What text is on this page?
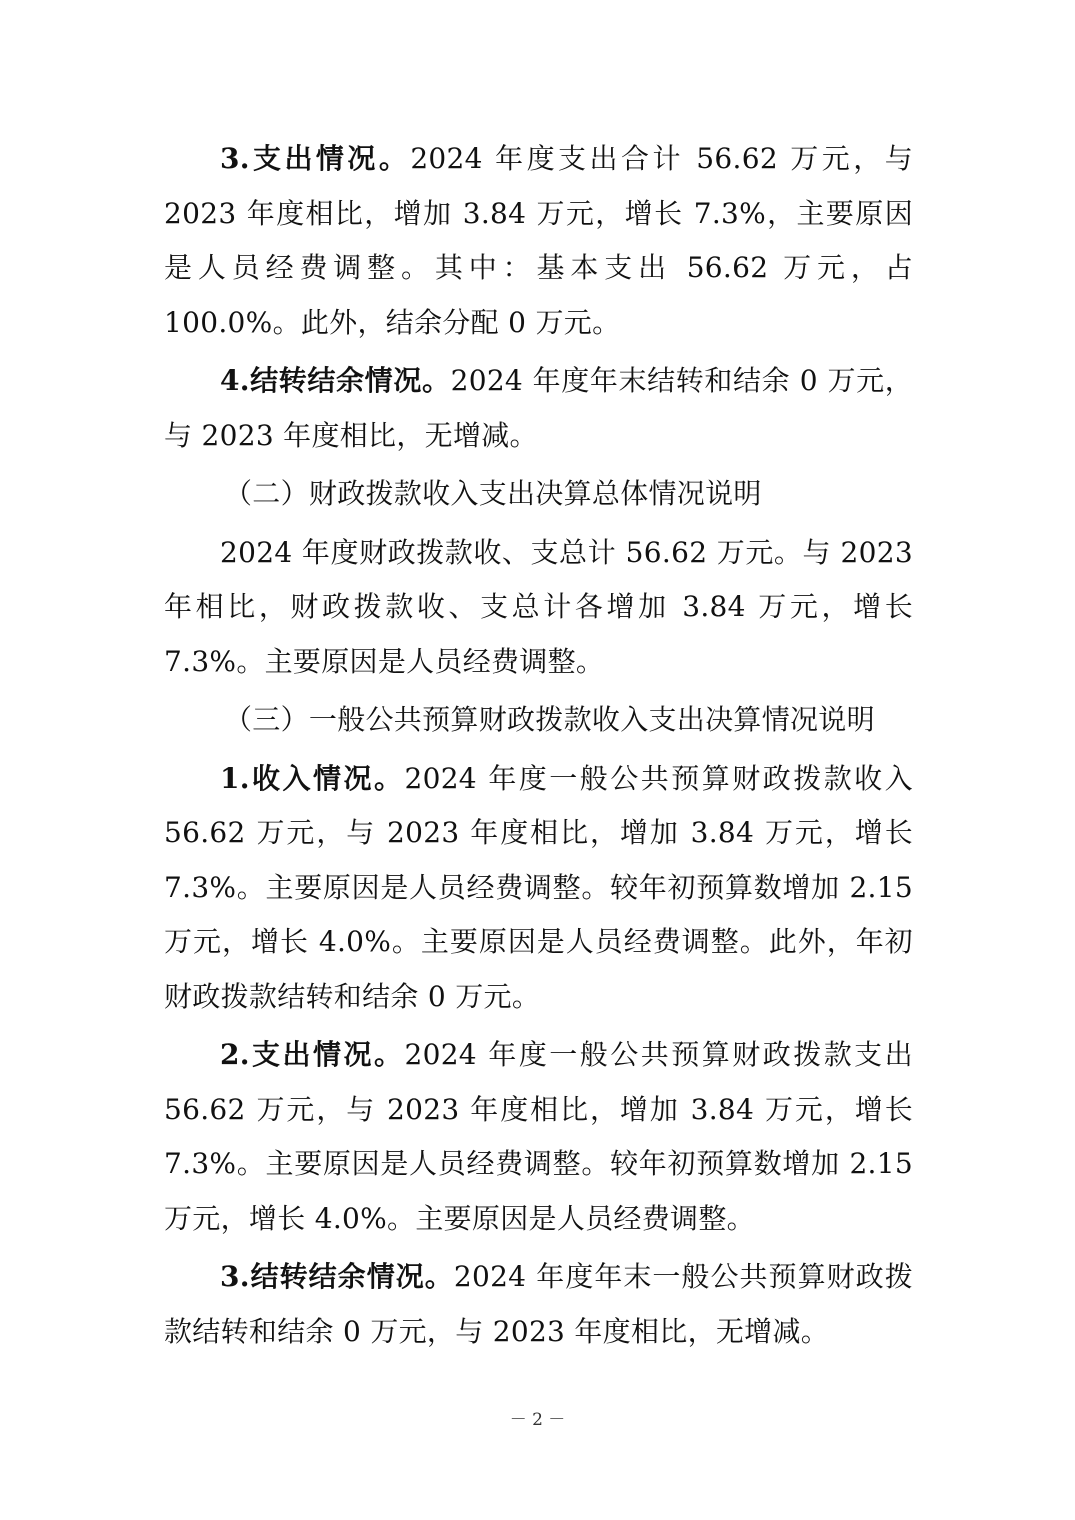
3.支出情况。2024 年度支出合计 56.62 万元，与 2023 年度相比，增加 3.84 万元，增长 7.3%，主要原因是人员经费调整。其中：基本支出 56.62 万元，占 100.0%。此外，结余分配 0 万元。

4.结转结余情况。2024 年度年末结转和结余 0 万元，与 2023 年度相比，无增减。

（二）财政拨款收入支出决算总体情况说明

2024 年度财政拨款收、支总计 56.62 万元。与 2023 年相比，财政拨款收、支总计各增加 3.84 万元，增长 7.3%。主要原因是人员经费调整。

（三）一般公共预算财政拨款收入支出决算情况说明

1.收入情况。2024 年度一般公共预算财政拨款收入 56.62 万元，与 2023 年度相比，增加 3.84 万元，增长 7.3%。主要原因是人员经费调整。较年初预算数增加 2.15 万元，增长 4.0%。主要原因是人员经费调整。此外，年初财政拨款结转和结余 0 万元。

2.支出情况。2024 年度一般公共预算财政拨款支出 56.62 万元，与 2023 年度相比，增加 3.84 万元，增长 7.3%。主要原因是人员经费调整。较年初预算数增加 2.15 万元，增长 4.0%。主要原因是人员经费调整。

3.结转结余情况。2024 年度年末一般公共预算财政拨款结转和结余 0 万元，与 2023 年度相比，无增减。

－ 2 －
